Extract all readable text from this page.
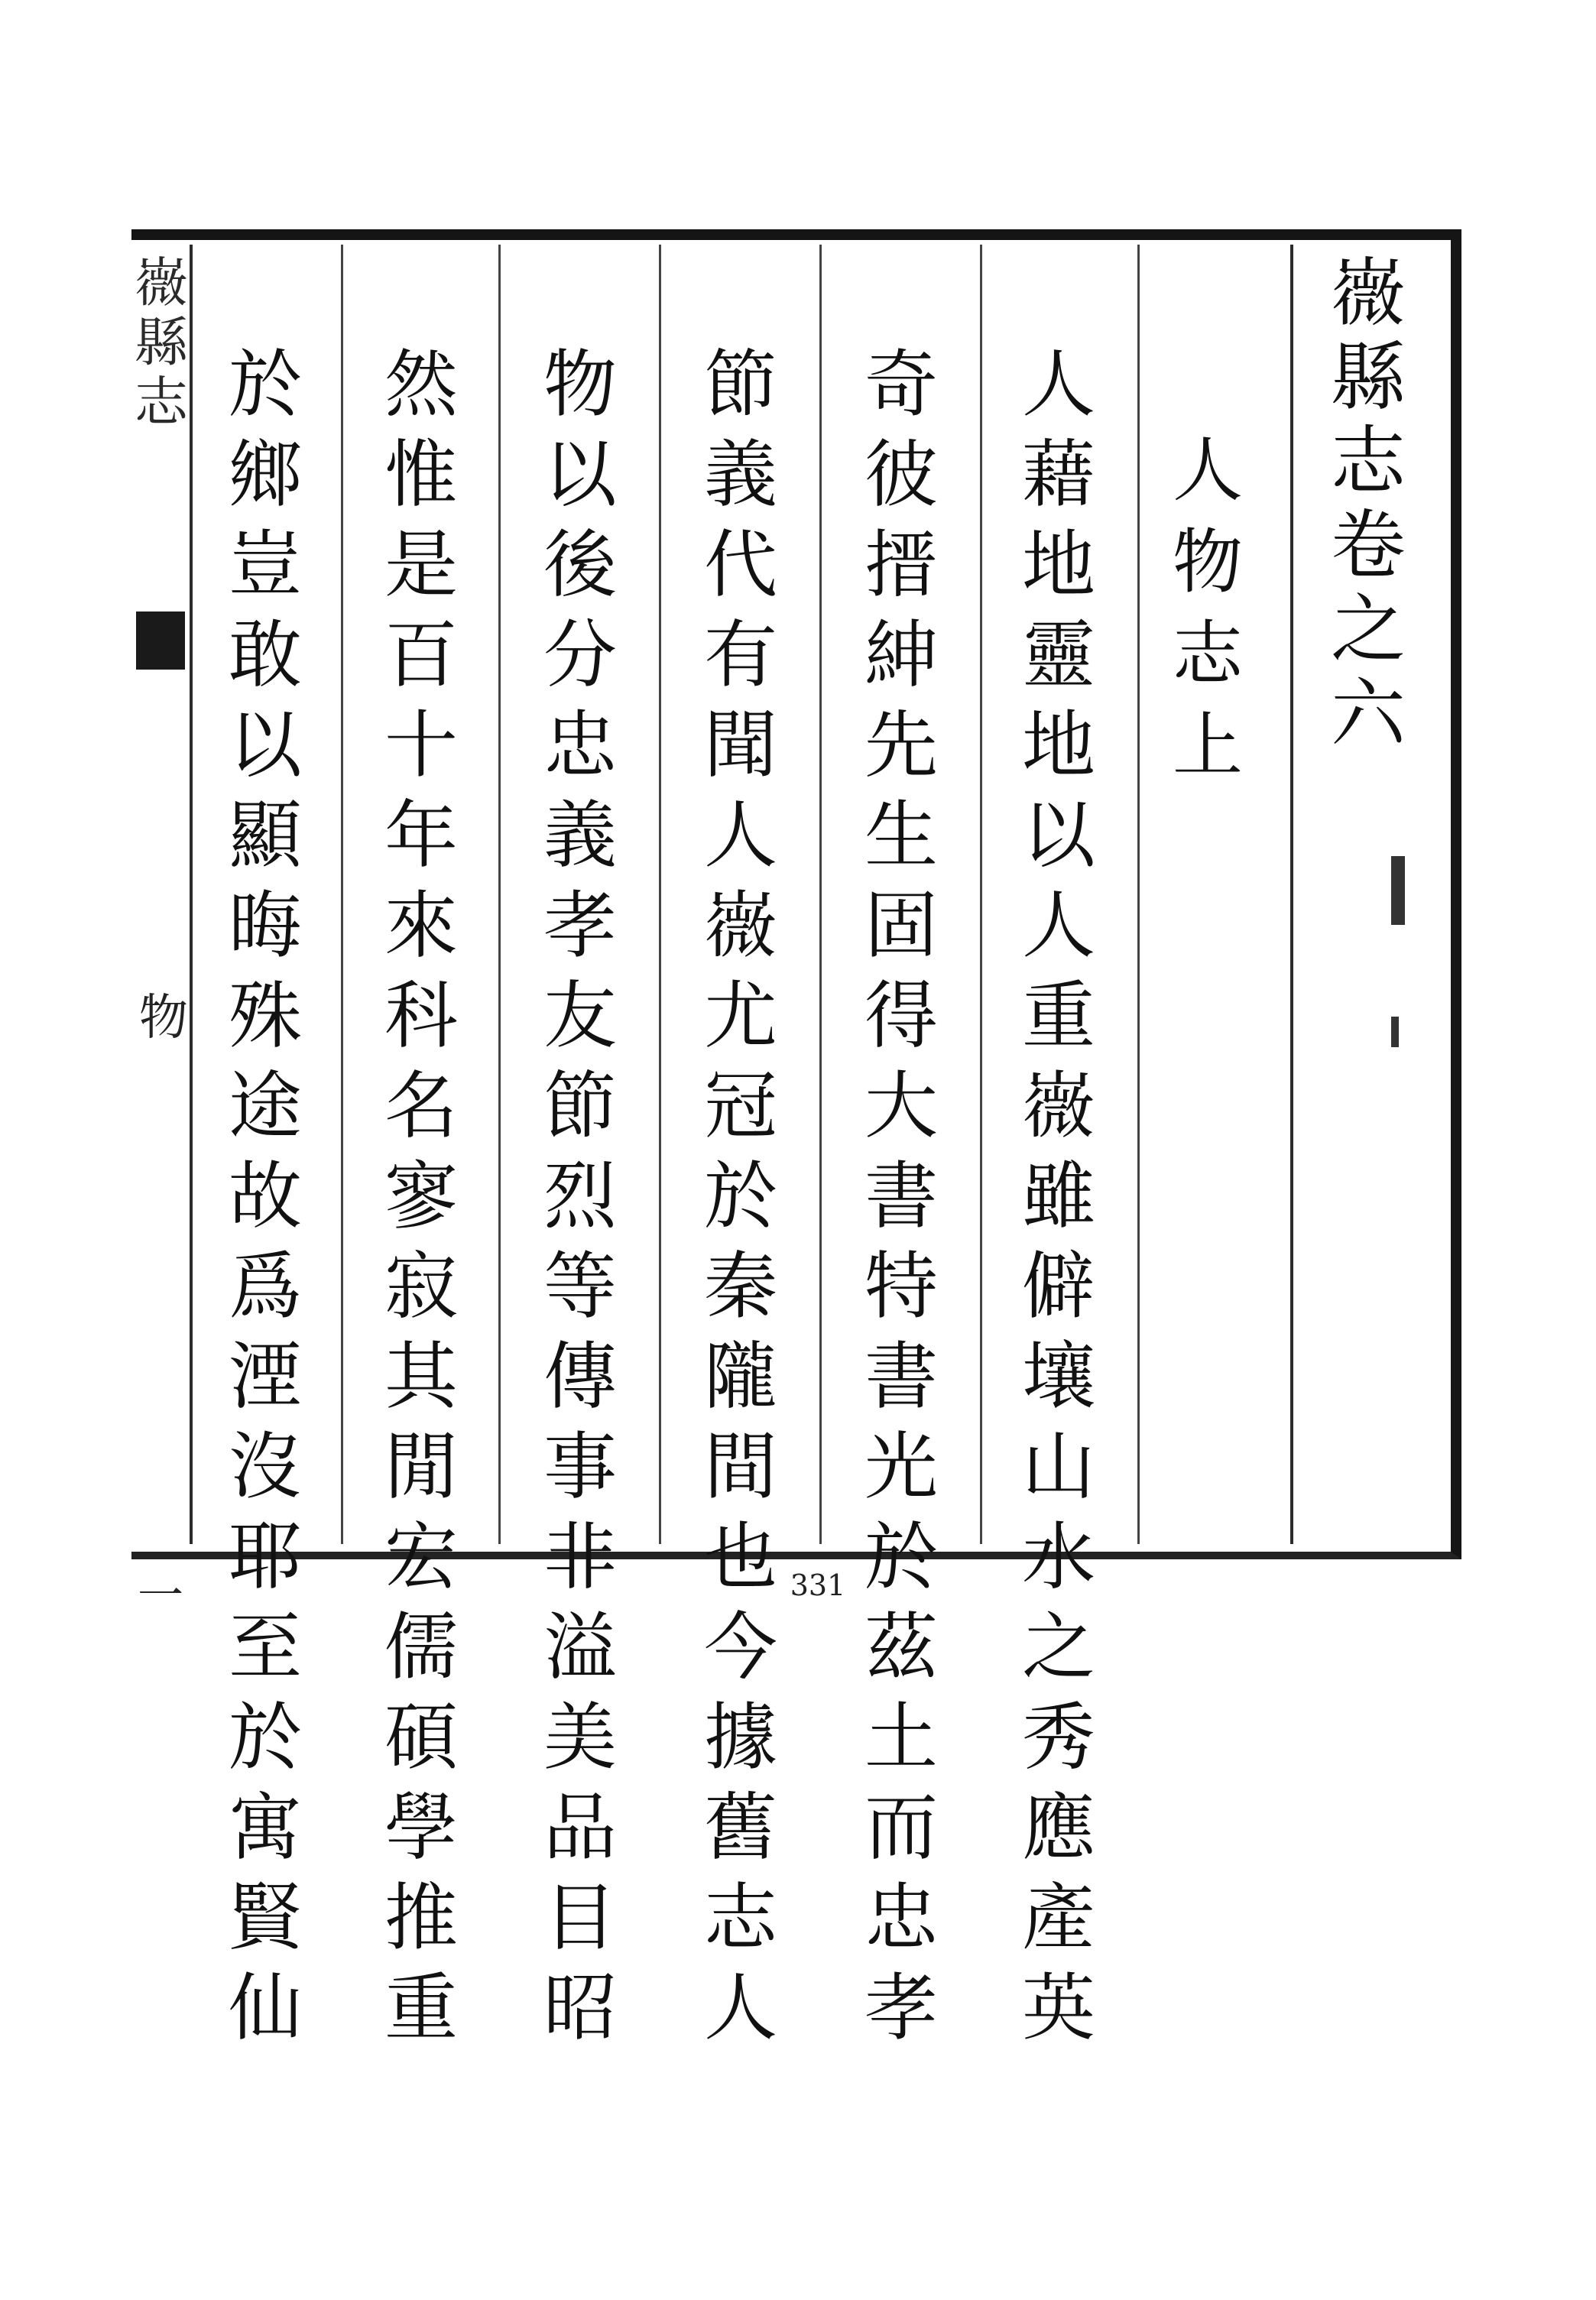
嶶
縣
志
卷
之
六
人
物
志
上
人
藉
地
靈
地
以
人
重
嶶
雖
僻
壤
山
水
之
秀
應
產
英
奇
彼
搢
紳
先
生
固
得
大
書
特
書
光
於
茲
土
而
忠
孝
節
義
代
有
聞
人
嶶
尤
冠
於
秦
隴
間
也
今
據
舊
志
人
物
以
後
分
忠
義
孝
友
節
烈
等
傳
事
非
溢
美
品
目
昭
然
惟
是
百
十
年
來
科
名
寥
寂
其
閒
宏
儒
碩
學
推
重
於
鄉
豈
敢
以
顯
晦
殊
途
故
爲
湮
沒
耶
至
於
寓
賢
仙
嶶
縣
志
物
一	331
